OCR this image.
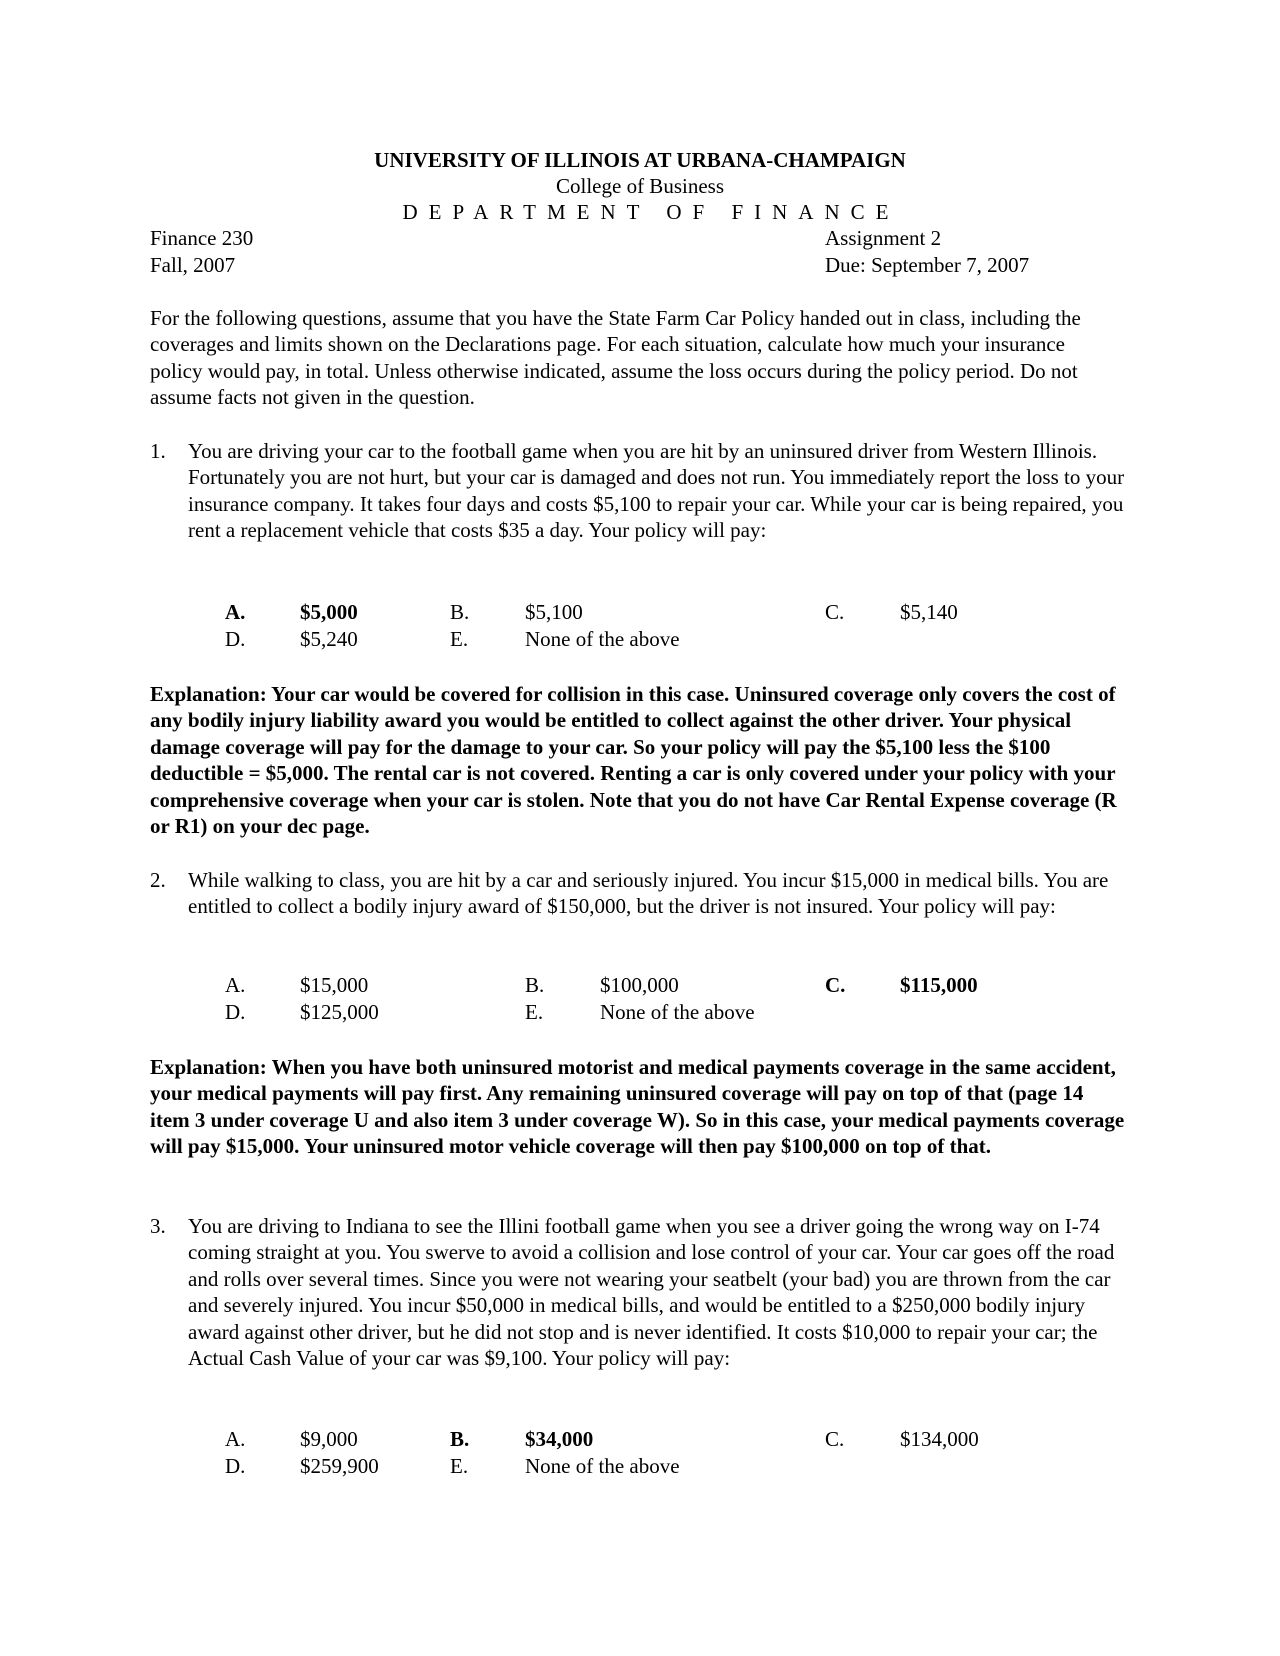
UNIVERSITY OF ILLINOIS AT URBANA-CHAMPAIGN
College of Business
DEPARTMENT OF FINANCE
Finance 230
Fall, 2007
Assignment 2
Due: September 7, 2007
For the following questions, assume that you have the State Farm Car Policy handed out in class, including the coverages and limits shown on the Declarations page. For each situation, calculate how much your insurance policy would pay, in total. Unless otherwise indicated, assume the loss occurs during the policy period. Do not assume facts not given in the question.
1. You are driving your car to the football game when you are hit by an uninsured driver from Western Illinois. Fortunately you are not hurt, but your car is damaged and does not run. You immediately report the loss to your insurance company. It takes four days and costs $5,100 to repair your car. While your car is being repaired, you rent a replacement vehicle that costs $35 a day. Your policy will pay:
A.	$5,000	B.	$5,100	C.	$5,140
D.	$5,240	E.	None of the above
Explanation: Your car would be covered for collision in this case. Uninsured coverage only covers the cost of any bodily injury liability award you would be entitled to collect against the other driver. Your physical damage coverage will pay for the damage to your car. So your policy will pay the $5,100 less the $100 deductible = $5,000. The rental car is not covered. Renting a car is only covered under your policy with your comprehensive coverage when your car is stolen. Note that you do not have Car Rental Expense coverage (R or R1) on your dec page.
2. While walking to class, you are hit by a car and seriously injured. You incur $15,000 in medical bills. You are entitled to collect a bodily injury award of $150,000, but the driver is not insured. Your policy will pay:
A.	$15,000	B.	$100,000	C.	$115,000
D.	$125,000	E.	None of the above
Explanation: When you have both uninsured motorist and medical payments coverage in the same accident, your medical payments will pay first. Any remaining uninsured coverage will pay on top of that (page 14 item 3 under coverage U and also item 3 under coverage W). So in this case, your medical payments coverage will pay $15,000. Your uninsured motor vehicle coverage will then pay $100,000 on top of that.
3. You are driving to Indiana to see the Illini football game when you see a driver going the wrong way on I-74 coming straight at you. You swerve to avoid a collision and lose control of your car. Your car goes off the road and rolls over several times. Since you were not wearing your seatbelt (your bad) you are thrown from the car and severely injured. You incur $50,000 in medical bills, and would be entitled to a $250,000 bodily injury award against other driver, but he did not stop and is never identified. It costs $10,000 to repair your car; the Actual Cash Value of your car was $9,100. Your policy will pay:
A.	$9,000	B.	$34,000	C.	$134,000
D.	$259,900	E.	None of the above
